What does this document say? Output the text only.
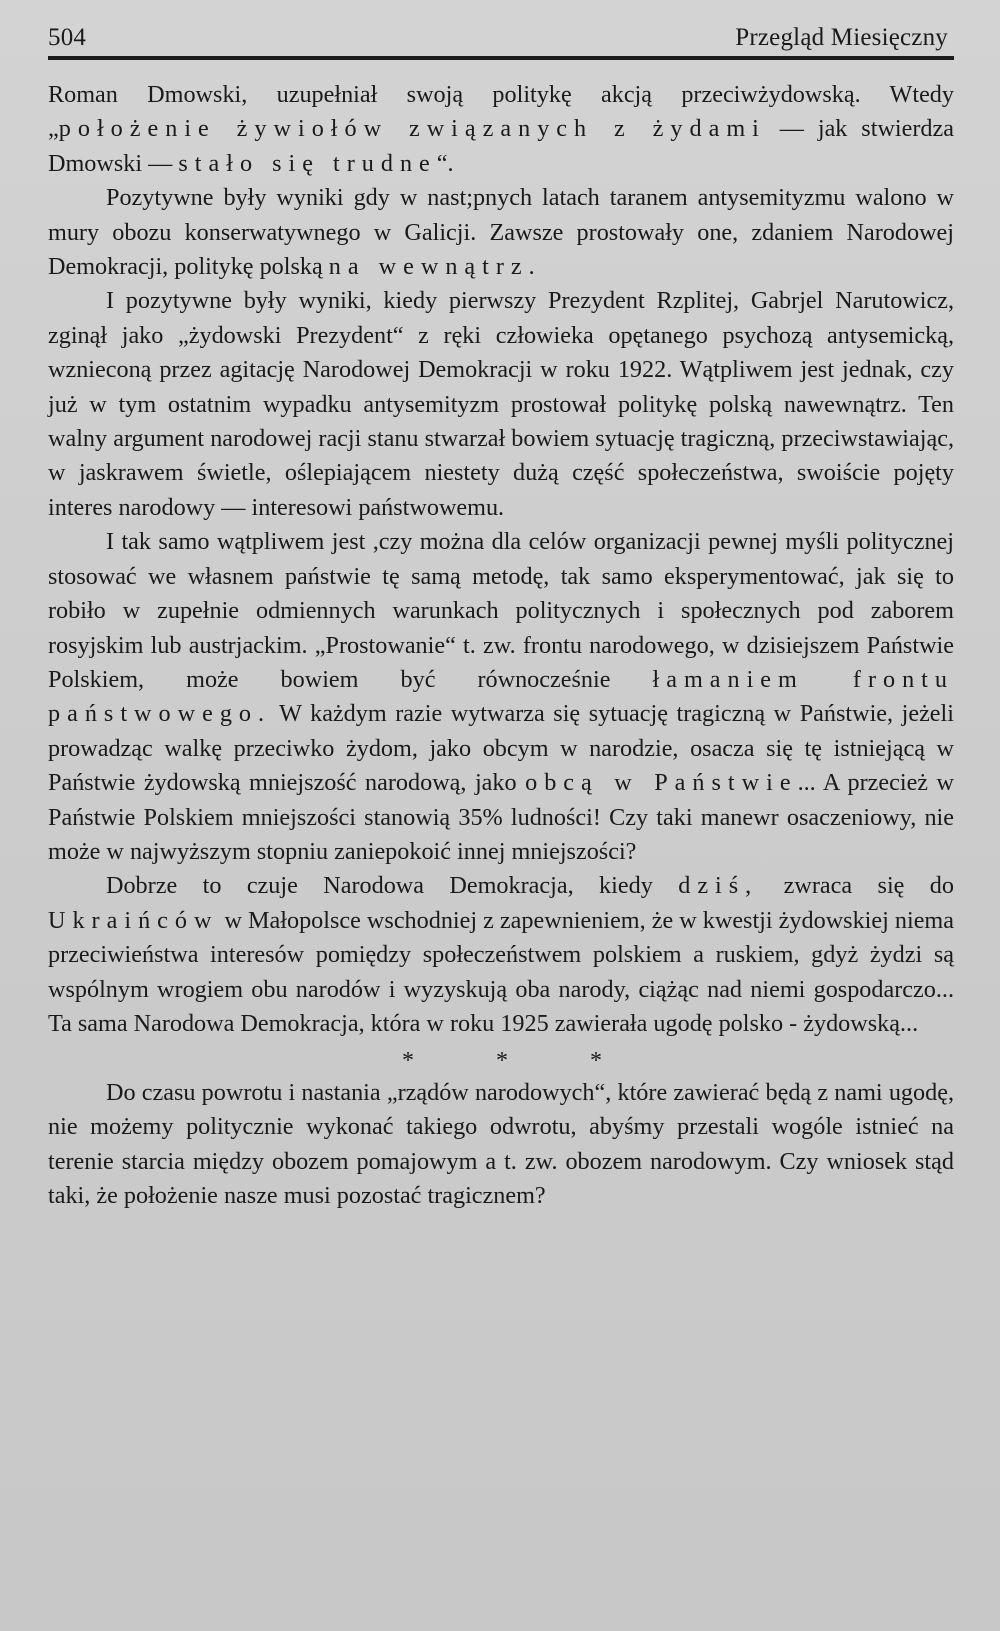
504	Przegląd Miesięczny

Roman Dmowski, uzupełniał swoją politykę akcją przeciwżydowską. Wtedy „położenie żywiołów związanych z żydami — jak stwierdza Dmowski — stało się trudne“.

Pozytywne były wyniki gdy w nast;pnych latach taranem antysemityzmu walono w mury obozu konserwatywnego w Galicji. Zawsze prostowały one, zdaniem Narodowej Demokracji, politykę polską na wewnątrz.

I pozytywne były wyniki, kiedy pierwszy Prezydent Rzplitej, Gabrjel Narutowicz, zginął jako „żydowski Prezydent“ z ręki człowieka opętanego psychozą antysemicką, wznieconą przez agitację Narodowej Demokracji w roku 1922. Wątpliwem jest jednak, czy już w tym ostatnim wypadku antysemityzm prostował politykę polską nawewnątrz. Ten walny argument narodowej racji stanu stwarzał bowiem sytuację tragiczną, przeciwstawiając, w jaskrawem świetle, oślepiającem niestety dużą część społeczeństwa, swoiście pojęty interes narodowy — interesowi państwowemu.

I tak samo wątpliwem jest ,czy można dla celów organizacji pewnej myśli politycznej stosować we własnem państwie tę samą metodę, tak samo eksperymentować, jak się to robiło w zupełnie odmiennych warunkach politycznych i społecznych pod zaborem rosyjskim lub austrjackim. „Prostowanie“ t. zw. frontu narodowego, w dzisiejszem Państwie Polskiem, może bowiem być równocześnie łamaniem frontu państwowego. W każdym razie wytwarza się sytuację tragiczną w Państwie, jeżeli prowadząc walkę przeciwko żydom, jako obcym w narodzie, osacza się tę istniejącą w Państwie żydowską mniejszość narodową, jako obcą w Państwie... A przecież w Państwie Polskiem mniejszości stanowią 35% ludności! Czy taki manewr osaczeniowy, nie może w najwyższym stopniu zaniepokoić innej mniejszości?

Dobrze to czuje Narodowa Demokracja, kiedy dziś, zwraca się do Ukraińców w Małopolsce wschodniej z zapewnieniem, że w kwestji żydowskiej niema przeciwieństwa interesów pomiędzy społeczeństwem polskiem a ruskiem, gdyż żydzi są wspólnym wrogiem obu narodów i wyzyskują oba narody, ciążąc nad niemi gospodarczo... Ta sama Narodowa Demokracja, która w roku 1925 zawierała ugodę polsko - żydowską...

* * *

Do czasu powrotu i nastania „rządów narodowych“, które zawierać będą z nami ugodę, nie możemy politycznie wykonać takiego odwrotu, abyśmy przestali wogóle istnieć na terenie starcia między obozem pomajowym a t. zw. obozem narodowym. Czy wniosek stąd taki, że położenie nasze musi pozostać tragicznem?
